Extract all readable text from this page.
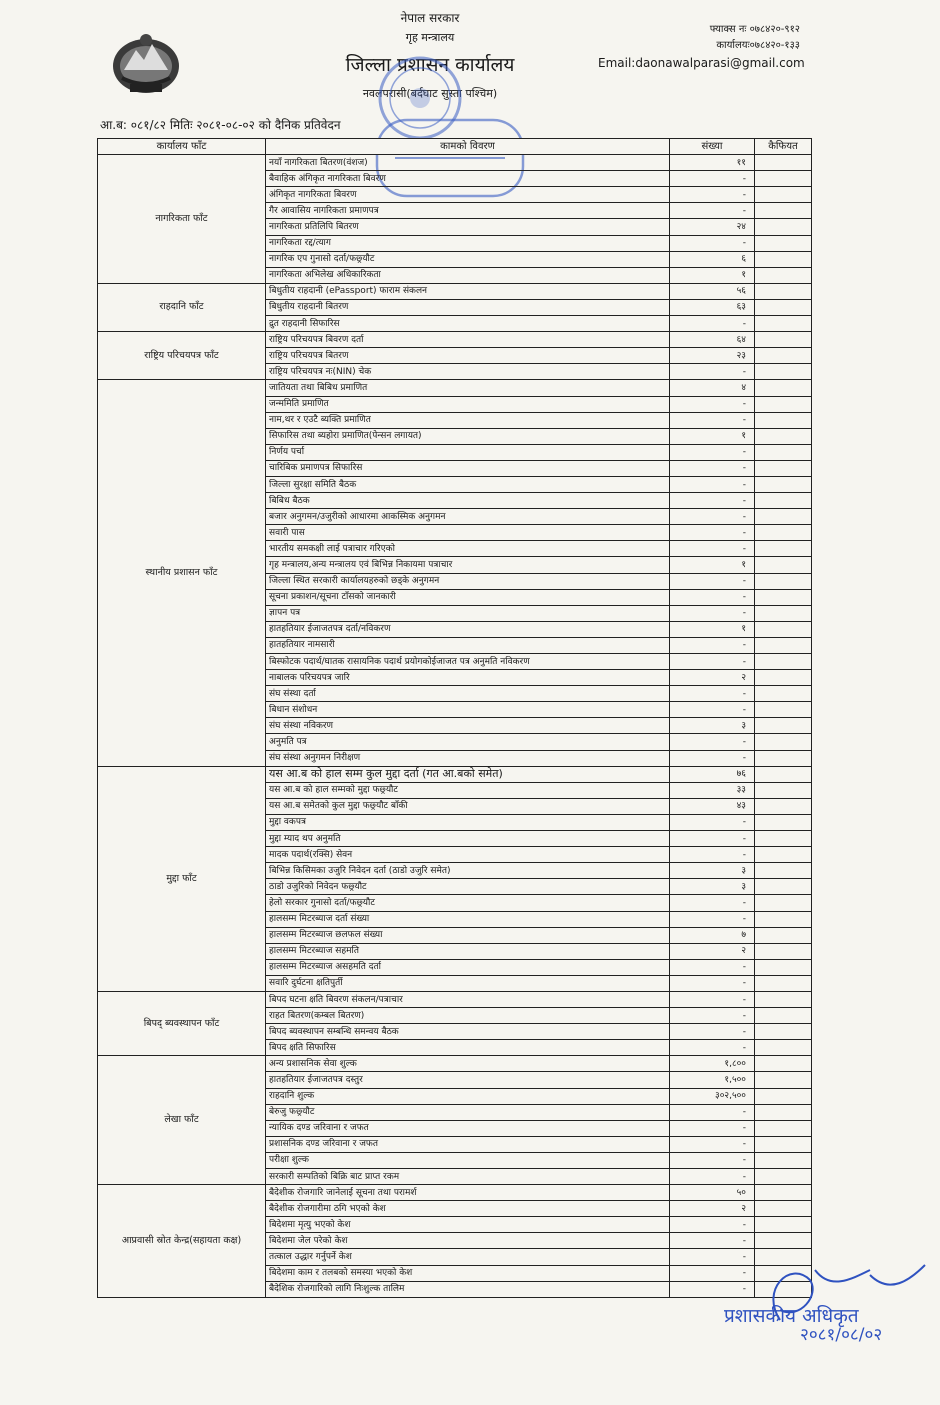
नेपाल सरकार
गृह मन्त्रालय
जिल्ला प्रशासन कार्यालय
नवलपरासी(बर्दघाट सुस्ता पश्चिम)
फ्याक्स नः ०७८४२०-९१२
कार्यालयः०७८४२०-१३३
Email:daonawalparasi@gmail.com
आ.ब: ०८१/८२ मितिः २०८१-०८-०२ को दैनिक प्रतिवेदन
कार्यालय फाँट	कामको विवरण	संख्या	कैफियत
नागरिकता फाँट	नयाँ नागरिकता बितरण(वंशज)	११	
	बैवाहिक अंगिकृत नागरिकता बिवरण	-	
	अंगिकृत नागरिकता बिवरण	-	
	गैर आवासिय नागरिकता प्रमाणपत्र	-	
	नागरिकता प्रतिलिपि बितरण	२४	
	नागरिकता रद्द/त्याग	-	
	नागरिक एप गुनासो दर्ता/फछ्र्यौट	६	
	नागरिकता अभिलेख अधिकारिकता	१	
राहदानि फाँट	बिधुतीय राहदानी (ePassport) फाराम संकलन	५६	
	बिधुतीय राहदानी बितरण	६३	
	द्रुत राहदानी सिफारिस	-	
राष्ट्रिय परिचयपत्र फाँट	राष्ट्रिय परिचयपत्र बिवरण दर्ता	६४	
	राष्ट्रिय परिचयपत्र बितरण	२३	
	राष्ट्रिय परिचयपत्र नः(NIN) चेक	-	
स्थानीय प्रशासन फाँट	जातियता तथा बिबिध प्रमाणित	४	
	जन्ममिति प्रमाणित	-	
	नाम,थर र एउटै ब्यक्ति प्रमाणित	-	
	सिफारिस तथा ब्यहोरा प्रमाणित(पेन्सन लगायत)	१	
	निर्णय पर्चा	-	
	चारिबिक प्रमाणपत्र सिफारिस	-	
	जिल्ला सुरक्षा समिति बैठक	-	
	बिबिध बैठक	-	
	बजार अनुगमन/उजुरीको आधारमा आकस्मिक अनुगमन	-	
	सवारी पास	-	
	भारतीय समकक्षी लाई पत्राचार गरिएको	-	
	गृह मन्त्रालय,अन्य मन्त्रालय एवं बिभिन्न निकायमा पत्राचार	१	
	जिल्ला स्थित सरकारी कार्यालयहरुको छड्के अनुगमन	-	
	सूचना प्रकाशन/सूचना टाँसको जानकारी	-	
	ज्ञापन पत्र	-	
	हातहतियार ईजाजतपत्र दर्ता/नविकरण	१	
	हातहतियार नामसारी	-	
	बिस्फोटक पदार्थ/घातक रासायनिक पदार्थ प्रयोगकोईजाजत पत्र अनुमति नविकरण	-	
	नाबालक परिचयपत्र जारि	२	
	संघ संस्था दर्ता	-	
	बिधान संशोधन	-	
	संघ संस्था नविकरण	३	
	अनुमति पत्र	-	
	संघ संस्था अनुगमन निरीक्षण	-	
मुद्दा फाँट	यस आ.ब को हाल सम्म कुल मुद्दा दर्ता (गत आ.बको समेत)	७६	
	यस आ.ब को हाल सम्मको मुद्दा फछ्र्यौट	३३	
	यस आ.ब समेतको कुल मुद्दा फछ्र्यौट बाँकी	४३	
	मुद्दा वकपत्र	-	
	मुद्दा म्याद थप अनुमति	-	
	मादक पदार्थ(रक्सि) सेवन	-	
	बिभिन्न किसिमका उजुरि निवेदन दर्ता (ठाडो उजुरि समेत)	३	
	ठाडो उजुरिको निवेदन फछ्र्यौट	३	
	हेलो सरकार गुनासो दर्ता/फछ्र्यौट	-	
	हालसम्म मिटरब्याज दर्ता संख्या	-	
	हालसम्म मिटरब्याज छलफल संख्या	७	
	हालसम्म मिटरब्याज सहमति	२	
	हालसम्म मिटरब्याज असहमति दर्ता	-	
	सवारि दुर्घटना क्षतिपुर्ती	-	
बिपद् ब्यवस्थापन फाँट	बिपद घटना क्षति बिवरण संकलन/पत्राचार	-	
	राहत बितरण(कम्बल बितरण)	-	
	बिपद ब्यवस्थापन सम्बन्धि समन्वय बैठक	-	
	बिपद क्षति सिफारिस	-	
लेखा फाँट	अन्य प्रशासनिक सेवा शुल्क	१,८००	
	हातहतियार ईजाजतपत्र दस्तुर	१,५००	
	राहदानि शुल्क	३०२,५००	
	बेरुजु फछ्र्यौट	-	
	न्यायिक दण्ड जरिवाना र जफत	-	
	प्रशासनिक दण्ड जरिवाना र जफत	-	
	परीक्षा शुल्क	-	
	सरकारी सम्पतिको बिक्रि बाट प्राप्त रकम	-	
आप्रवासी स्रोत केन्द्र(सहायता कक्ष)	बैदेशीक रोजगारि जानेलाई सूचना तथा परामर्श	५०	
	बैदेशीक रोजगारीमा ठगि भएको केश	२	
	बिदेशमा मृत्यु भएको केश	-	
	बिदेशमा जेल परेको केश	-	
	तत्काल उद्धार गर्नुपर्ने केश	-	
	बिदेशमा काम र तलबको समस्या भएको केश	-	
	बैदेशिक रोजगारिको लागि निःशुल्क तालिम	-	
प्रशासकीय अधिकृत
२०८१/०८/०२
